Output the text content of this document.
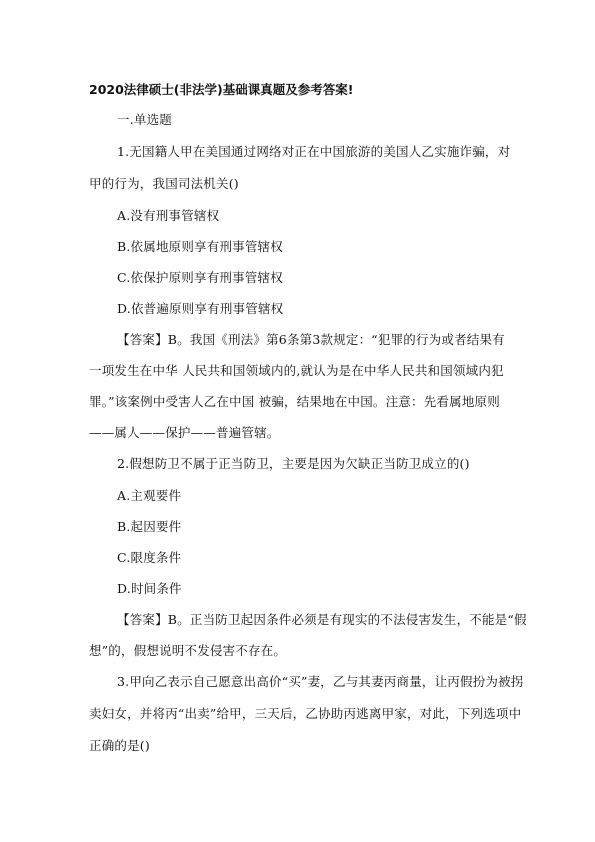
2020法律硕士(非法学)基础课真题及参考答案!
一.单选题
1.无国籍人甲在美国通过网络对正在中国旅游的美国人乙实施诈骗，对
甲的行为，我国司法机关()
A.没有刑事管辖权
B.依属地原则享有刑事管辖权
C.依保护原则享有刑事管辖权
D.依普遍原则享有刑事管辖权
【答案】B。我国《刑法》第6条第3款规定：“犯罪的行为或者结果有
一项发生在中华 人民共和国领域内的,就认为是在中华人民共和国领域内犯
罪。”该案例中受害人乙在中国 被骗，结果地在中国。注意：先看属地原则
——属人——保护——普遍管辖。
2.假想防卫不属于正当防卫，主要是因为欠缺正当防卫成立的()
A.主观要件
B.起因要件
C.限度条件
D.时间条件
【答案】B。正当防卫起因条件必须是有现实的不法侵害发生，不能是“假
想”的，假想说明不发侵害不存在。
3.甲向乙表示自己愿意出高价“买”妻，乙与其妻丙商量，让丙假扮为被拐
卖妇女，并将丙“出卖”给甲，三天后，乙协助丙逃离甲家，对此，下列选项中
正确的是()
